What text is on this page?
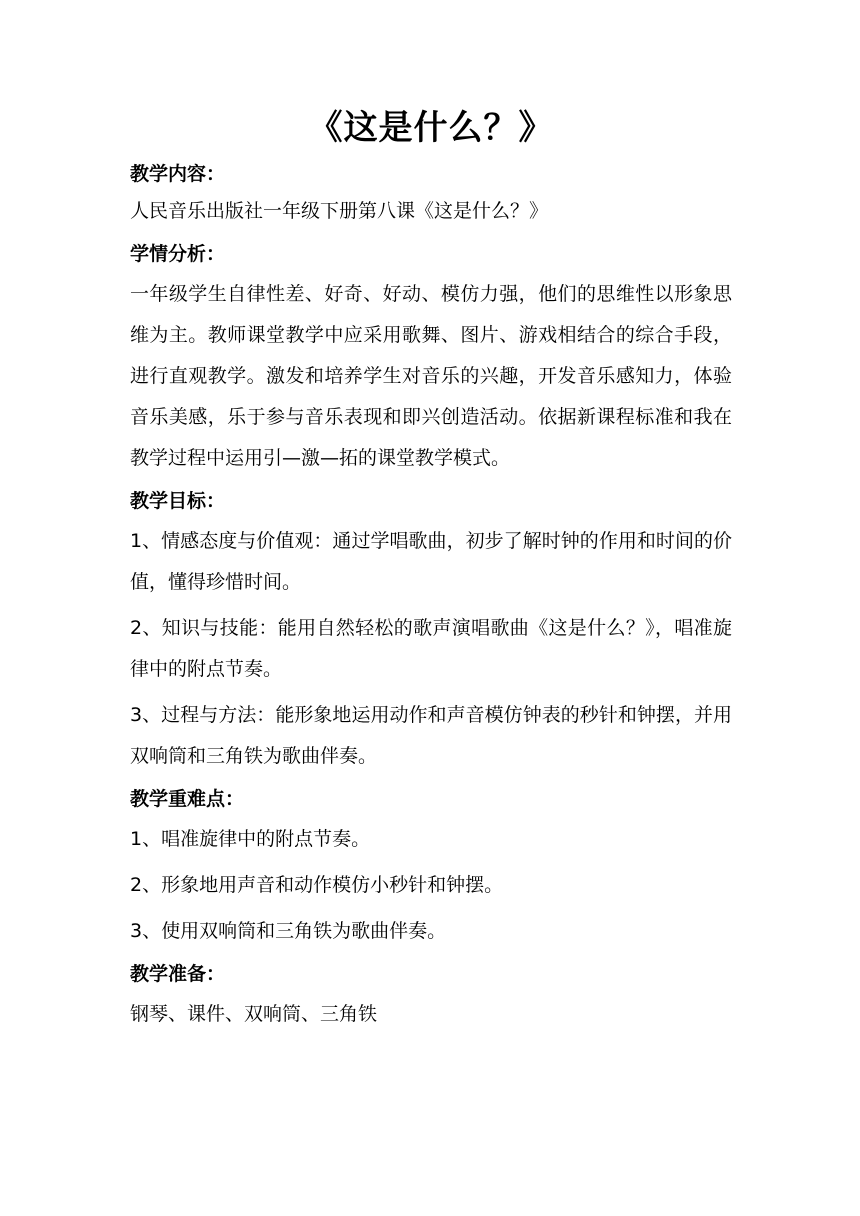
《这是什么？》
教学内容：
人民音乐出版社一年级下册第八课《这是什么？》
学情分析：
一年级学生自律性差、好奇、好动、模仿力强，他们的思维性以形象思维为主。教师课堂教学中应采用歌舞、图片、游戏相结合的综合手段，进行直观教学。激发和培养学生对音乐的兴趣，开发音乐感知力，体验音乐美感，乐于参与音乐表现和即兴创造活动。依据新课程标准和我在教学过程中运用引—激—拓的课堂教学模式。
教学目标：
1、情感态度与价值观：通过学唱歌曲，初步了解时钟的作用和时间的价值，懂得珍惜时间。
2、知识与技能：能用自然轻松的歌声演唱歌曲《这是什么？》，唱准旋律中的附点节奏。
3、过程与方法：能形象地运用动作和声音模仿钟表的秒针和钟摆，并用双响筒和三角铁为歌曲伴奏。
教学重难点：
1、唱准旋律中的附点节奏。
2、形象地用声音和动作模仿小秒针和钟摆。
3、使用双响筒和三角铁为歌曲伴奏。
教学准备：
钢琴、课件、双响筒、三角铁
